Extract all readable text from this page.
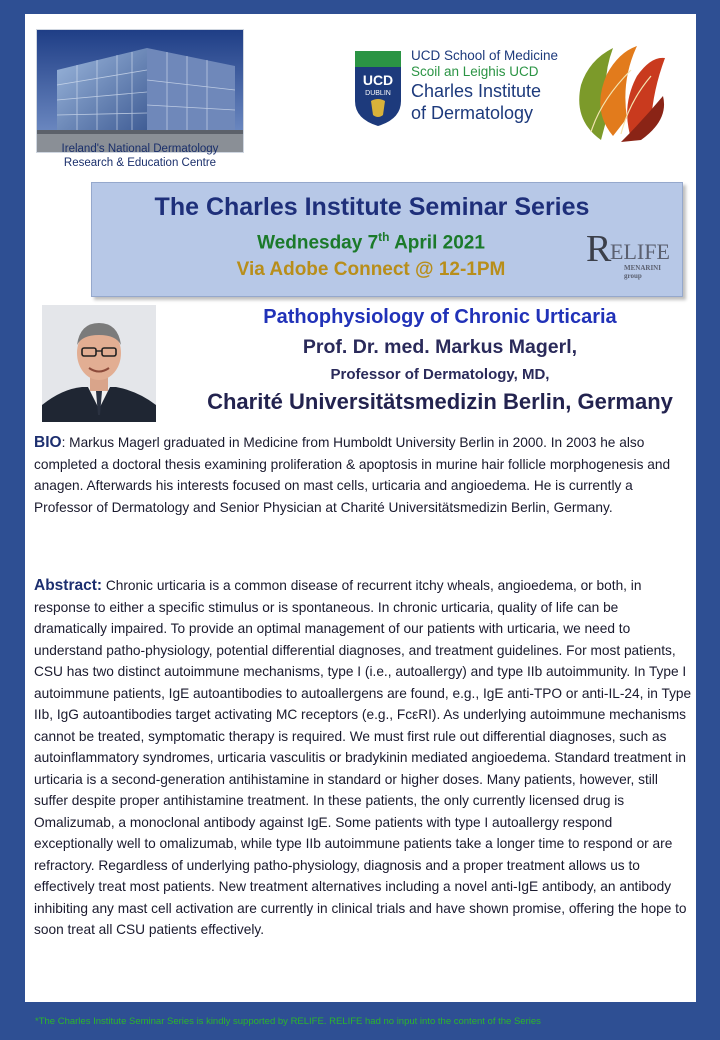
Ireland's National Dermatology
Research & Education Centre
UCD
DUBLIN
UCD School of Medicine
Scoil an Leighis UCD
Charles Institute
of Dermatology
The Charles Institute Seminar Series
Wednesday 7th April 2021
Via Adobe Connect @ 12-1PM	R
ELIFE
MENARINI group
Pathophysiology of Chronic Urticaria
Prof. Dr. med. Markus Magerl,
Professor of Dermatology, MD,
Charité Universitätsmedizin Berlin, Germany
BIO: Markus Magerl graduated in Medicine from Humboldt University Berlin in 2000. In 2003 he also completed a doctoral thesis examining proliferation & apoptosis in murine hair follicle morphogenesis and anagen. Afterwards his interests focused on mast cells, urticaria and angioedema. He is currently a Professor of Dermatology and Senior Physician at Charité Universitätsmedizin Berlin, Germany.
Abstract: Chronic urticaria is a common disease of recurrent itchy wheals, angioedema, or both, in response to either a specific stimulus or is spontaneous. In chronic urticaria, quality of life can be dramatically impaired. To provide an optimal management of our patients with urticaria, we need to understand patho-physiology, potential differential diagnoses, and treatment guidelines. For most patients, CSU has two distinct autoimmune mechanisms, type I (i.e., autoallergy) and type IIb autoimmunity. In Type I autoimmune patients, IgE autoantibodies to autoallergens are found, e.g., IgE anti-TPO or anti-IL-24, in Type IIb, IgG autoantibodies target activating MC receptors (e.g., FcεRI). As underlying autoimmune mechanisms cannot be treated, symptomatic therapy is required. We must first rule out differential diagnoses, such as autoinflammatory syndromes, urticaria vasculitis or bradykinin mediated angioedema. Standard treatment in urticaria is a second-generation antihistamine in standard or higher doses. Many patients, however, still suffer despite proper antihistamine treatment. In these patients, the only currently licensed drug is Omalizumab, a monoclonal antibody against IgE. Some patients with type I autoallergy respond exceptionally well to omalizumab, while type IIb autoimmune patients take a longer time to respond or are refractory. Regardless of underlying patho-physiology, diagnosis and a proper treatment allows us to effectively treat most patients. New treatment alternatives including a novel anti-IgE antibody, an antibody inhibiting any mast cell activation are currently in clinical trials and have shown promise, offering the hope to soon treat all CSU patients effectively.
*The Charles Institute Seminar Series is kindly supported by RELIFE. RELIFE had no input into the content of the Series
